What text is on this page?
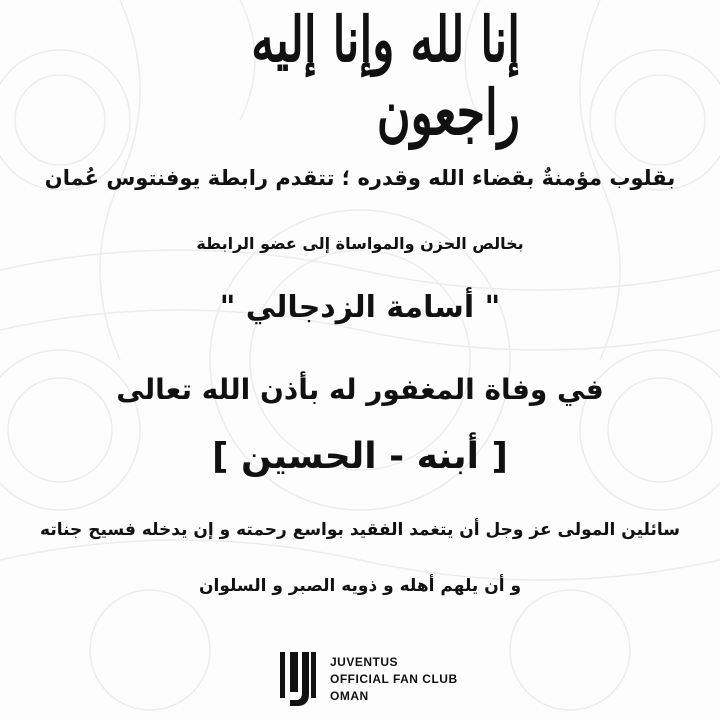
إنا لله وإنا إليه راجعون
بقلوب مؤمنةٌ بقضاء الله وقدره ؛ تتقدم رابطة يوفنتوس عُمان
بخالص الحزن والمواساة إلى عضو الرابطة
" أسامة الزدجالي "
في وفاة المغفور له بأذن الله تعالى
[ أبنه - الحسين ]
سائلين المولى عز وجل أن يتغمد الفقيد بواسع رحمته و إن يدخله فسيح جناته
و أن يلهم أهله و ذويه الصبر و السلوان
JUVENTUS
OFFICIAL FAN CLUB
OMAN
